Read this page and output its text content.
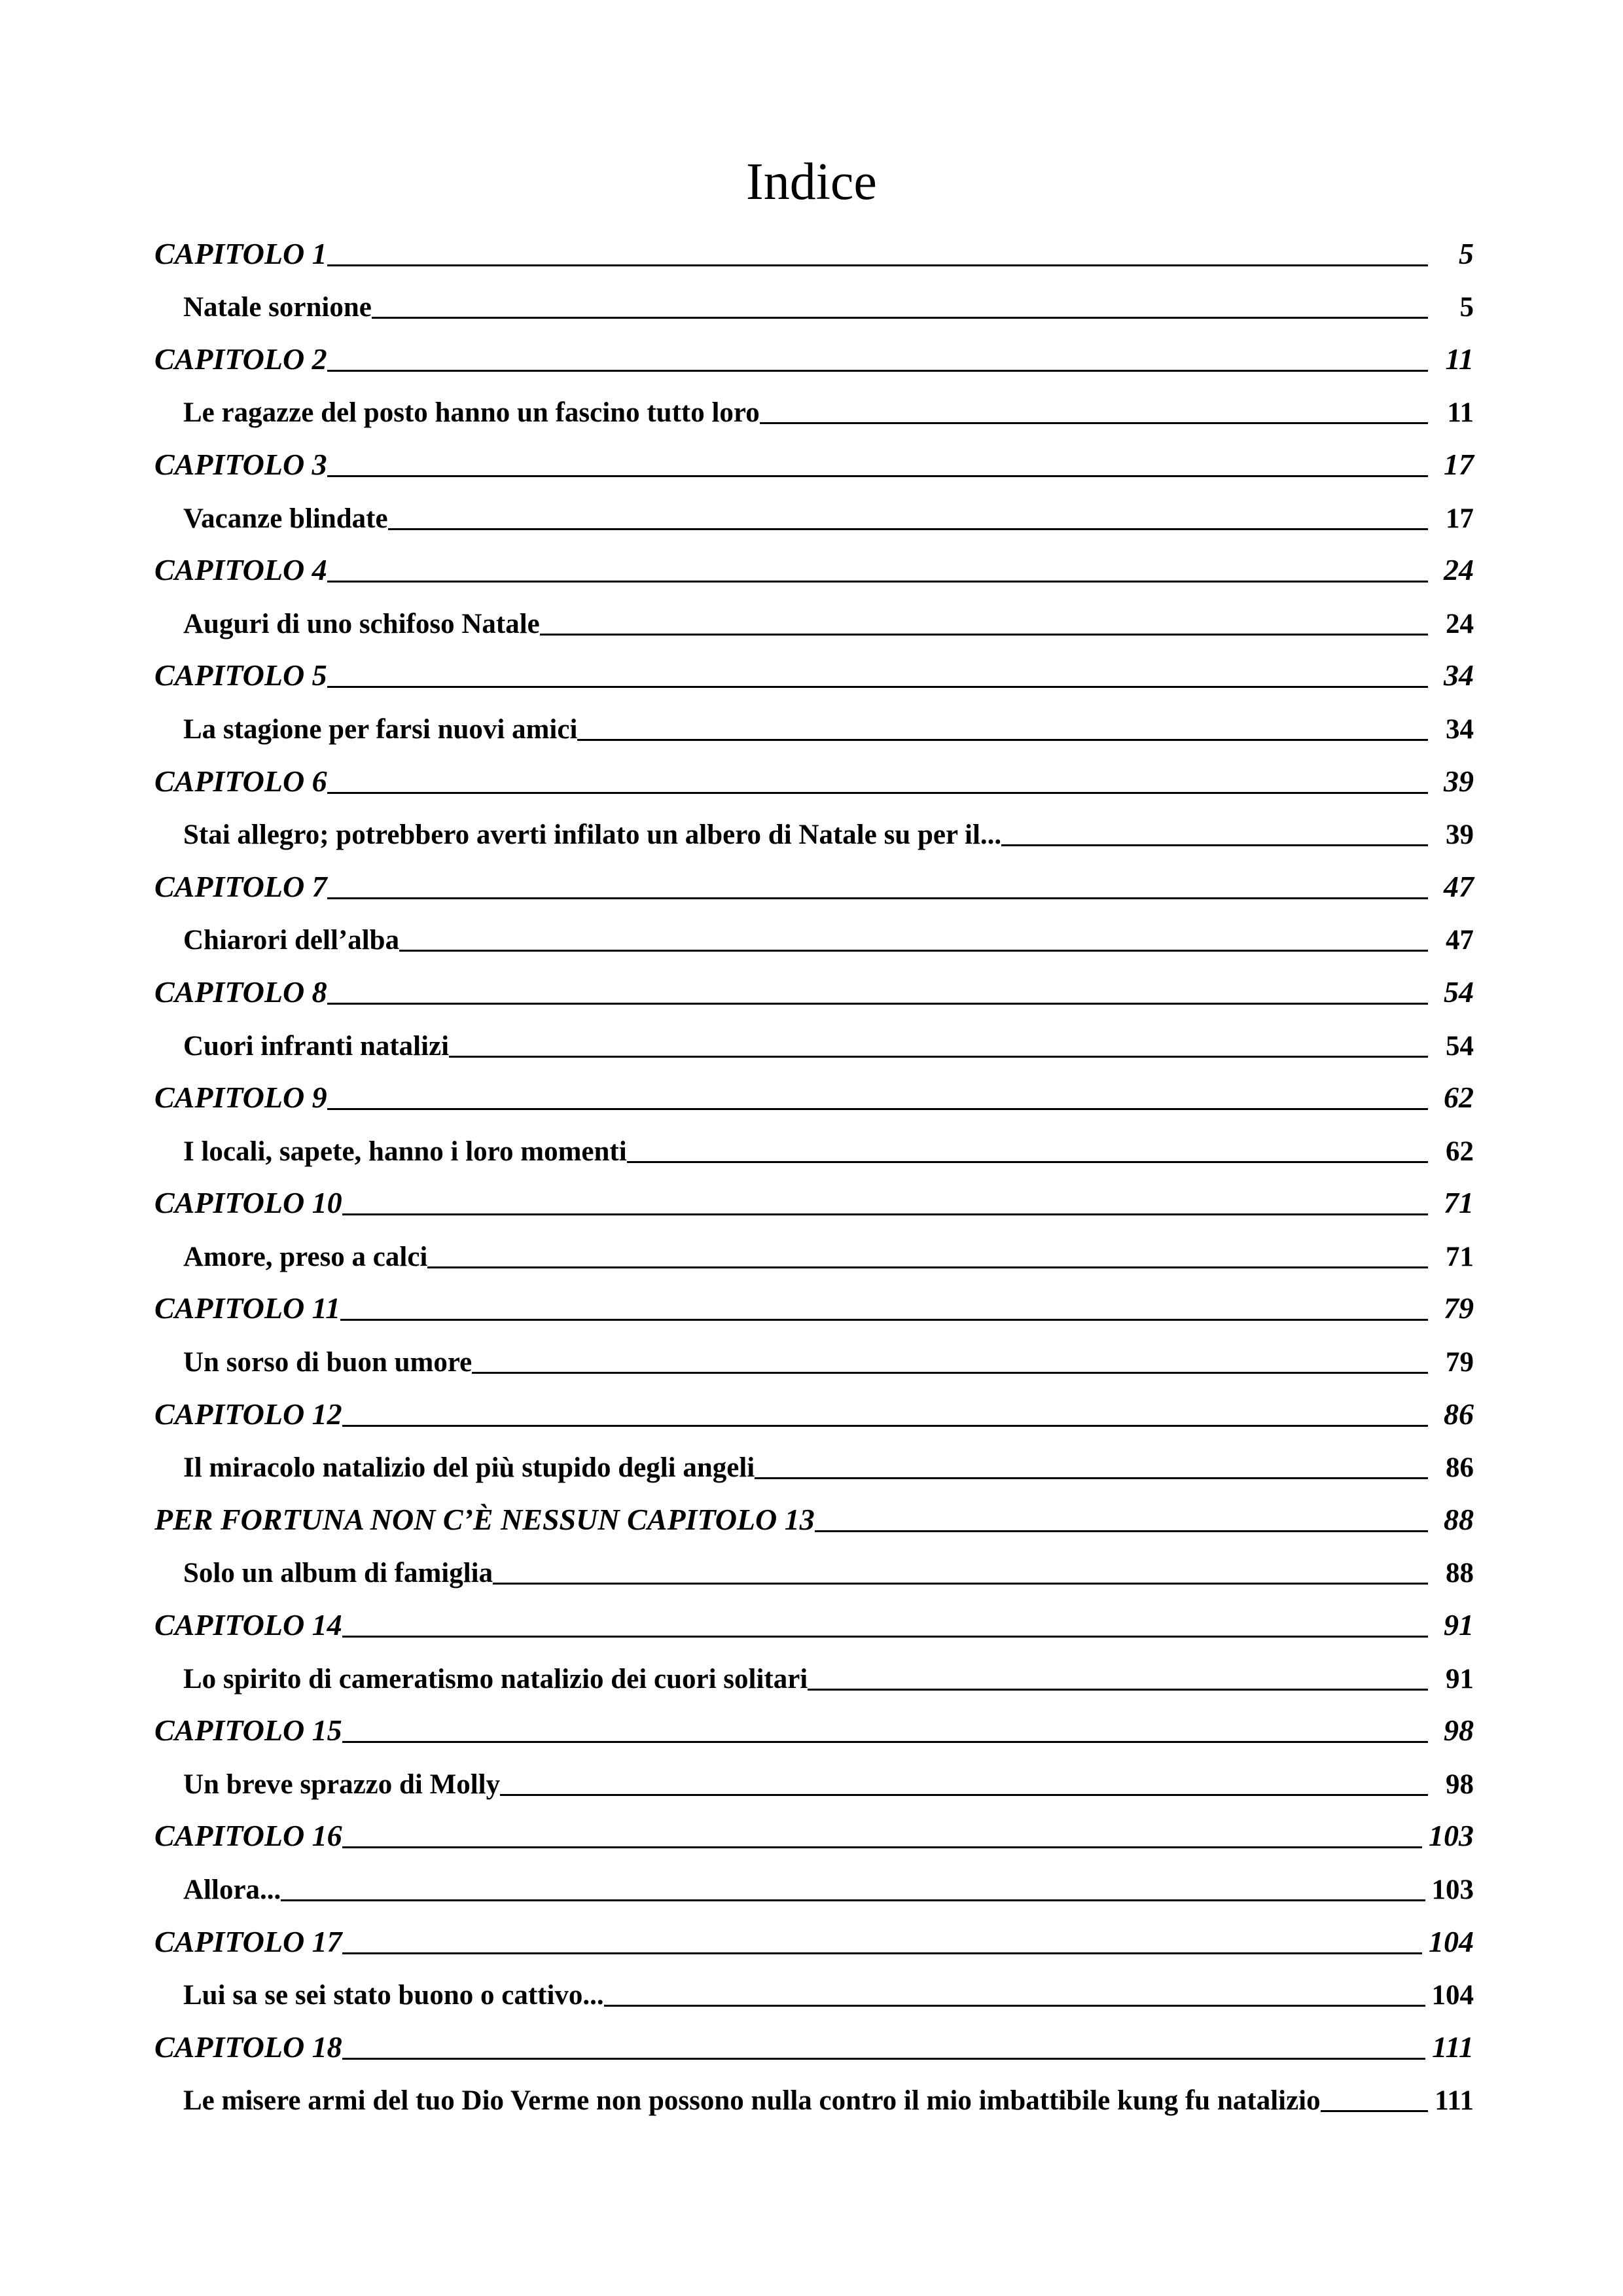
Indice
CAPITOLO 1	5
Natale sornione	5
CAPITOLO 2	11
Le ragazze del posto hanno un fascino tutto loro	11
CAPITOLO 3	17
Vacanze blindate	17
CAPITOLO 4	24
Auguri di uno schifoso Natale	24
CAPITOLO 5	34
La stagione per farsi nuovi amici	34
CAPITOLO 6	39
Stai allegro; potrebbero averti infilato un albero di Natale su per il...	39
CAPITOLO 7	47
Chiarori dell’alba	47
CAPITOLO 8	54
Cuori infranti natalizi	54
CAPITOLO 9	62
I locali, sapete, hanno i loro momenti	62
CAPITOLO 10	71
Amore, preso a calci	71
CAPITOLO 11	79
Un sorso di buon umore	79
CAPITOLO 12	86
Il miracolo natalizio del più stupido degli angeli	86
PER FORTUNA NON C’È NESSUN CAPITOLO 13	88
Solo un album di famiglia	88
CAPITOLO 14	91
Lo spirito di cameratismo natalizio dei cuori solitari	91
CAPITOLO 15	98
Un breve sprazzo di Molly	98
CAPITOLO 16	103
Allora...	103
CAPITOLO 17	104
Lui sa se sei stato buono o cattivo...	104
CAPITOLO 18	111
Le misere armi del tuo Dio Verme non possono nulla contro il mio imbattibile kung fu natalizio	111
